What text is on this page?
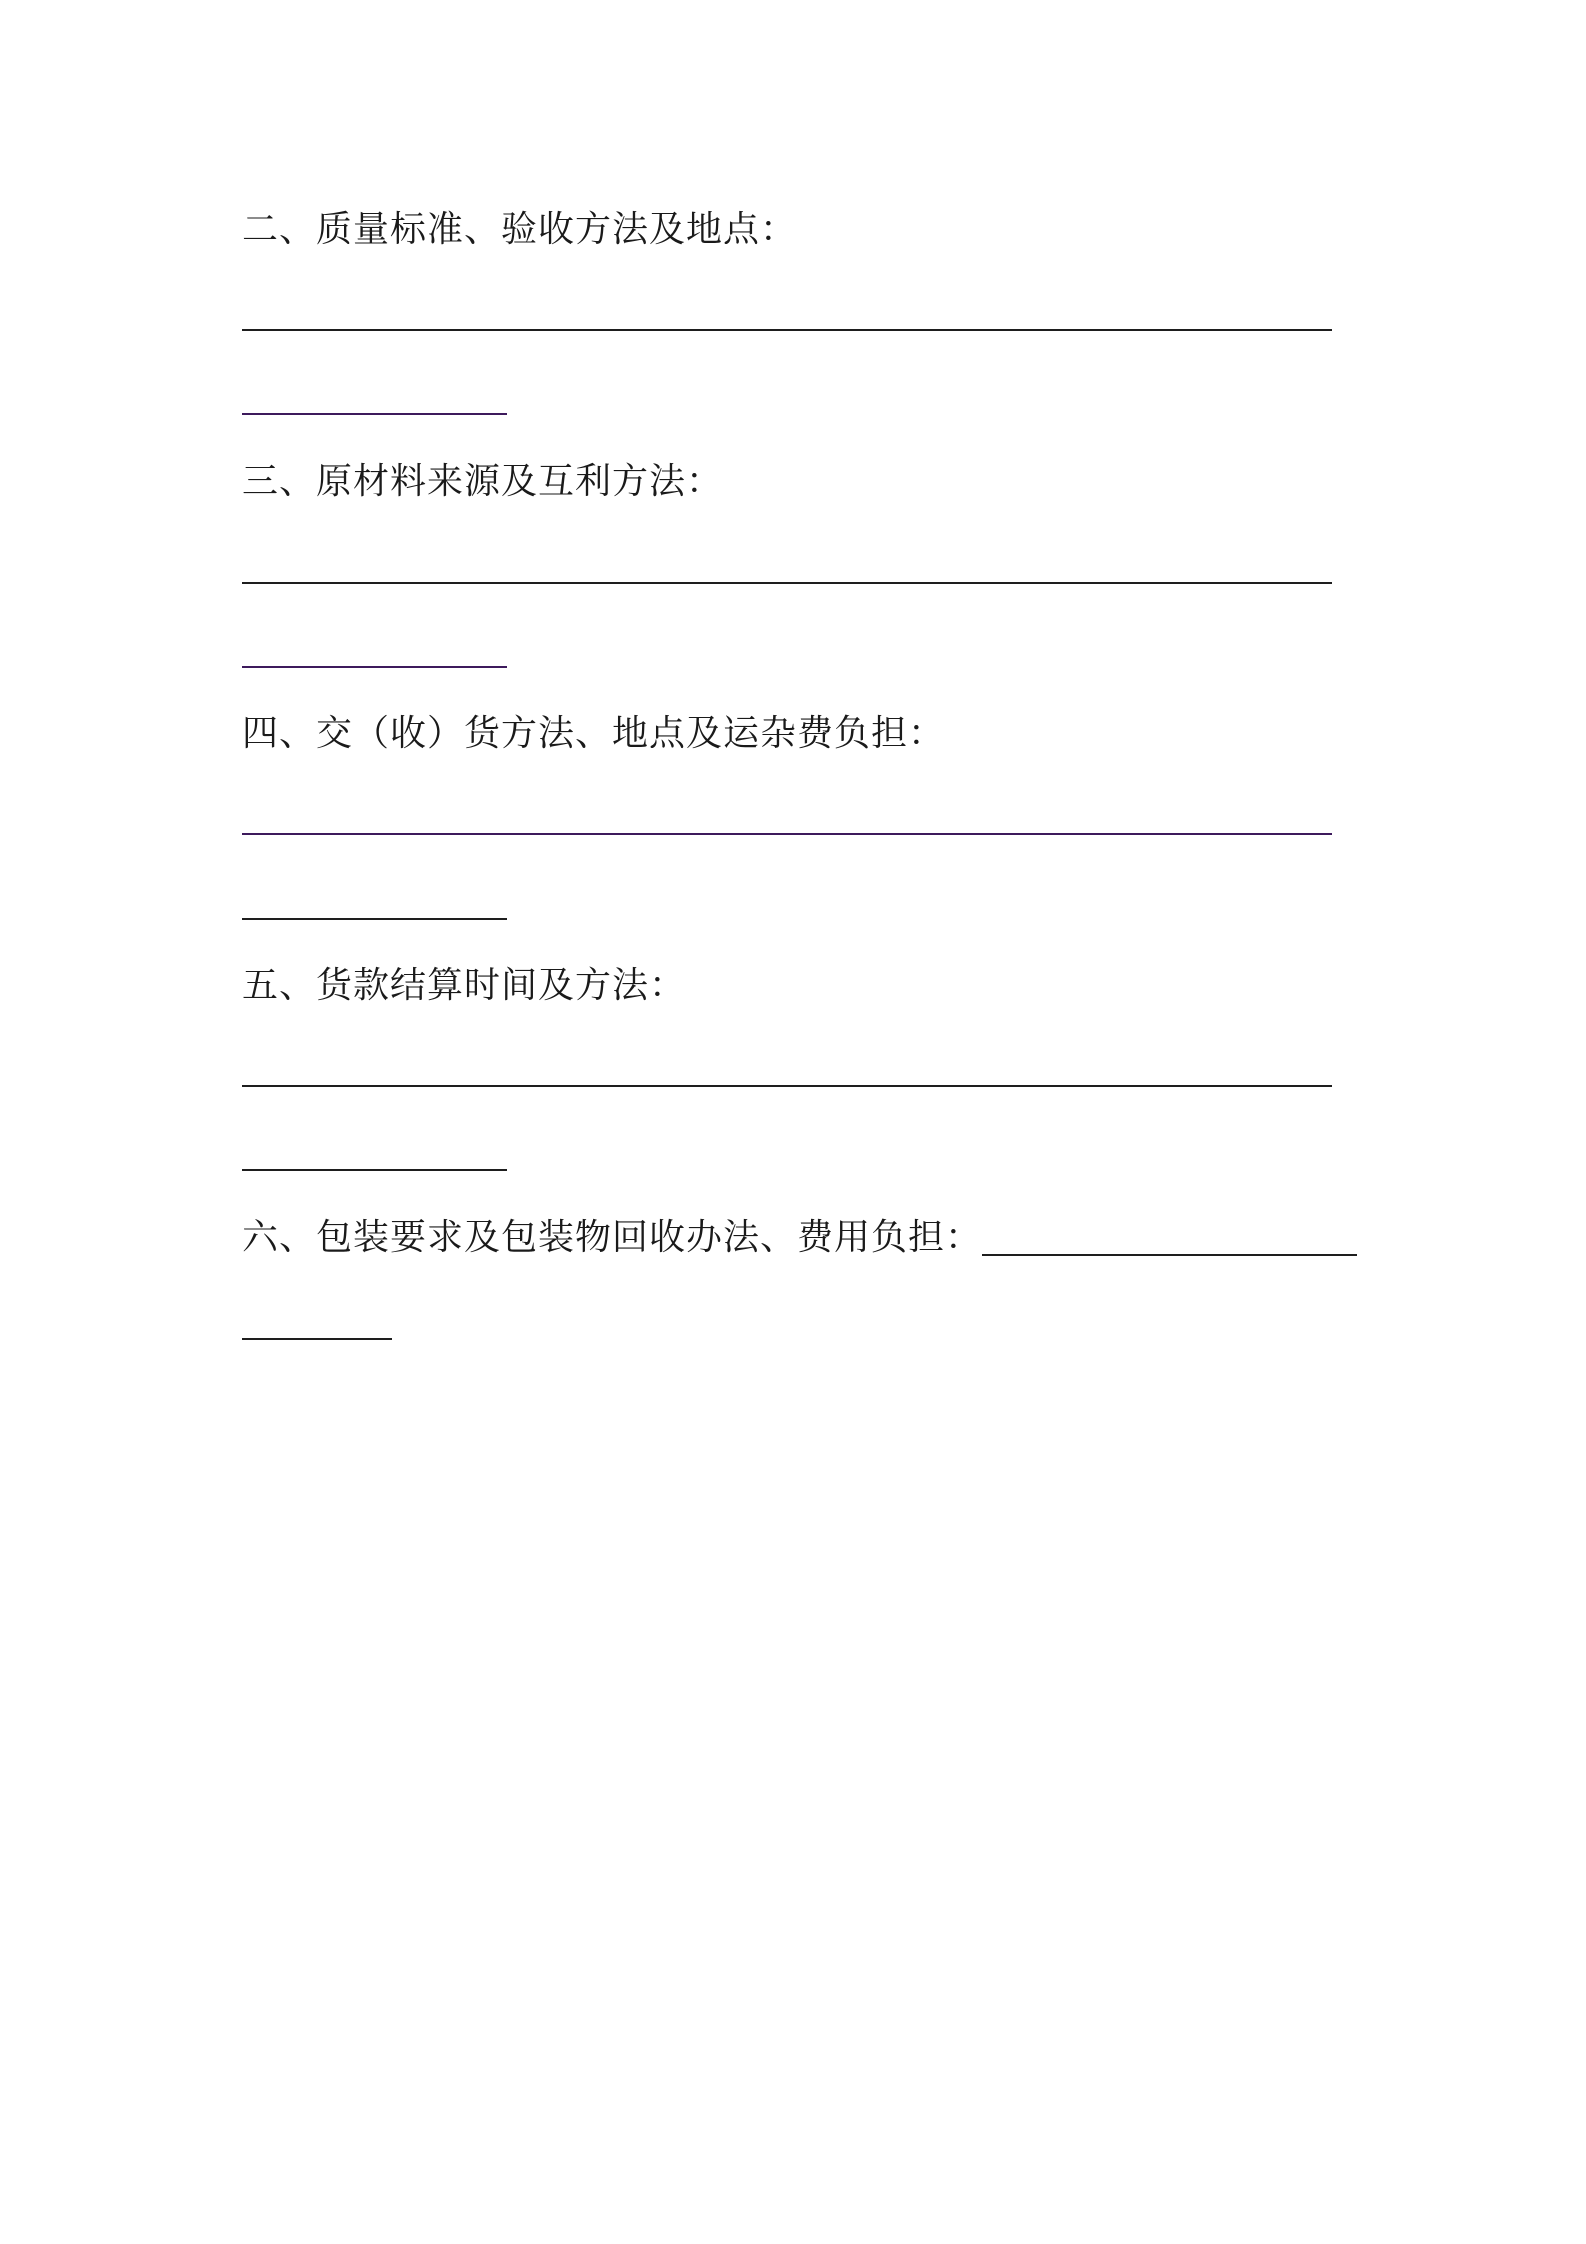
二、质量标准、验收方法及地点：

三、原材料来源及互利方法：

四、交（收）货方法、地点及运杂费负担：

五、货款结算时间及方法：

六、包装要求及包装物回收办法、费用负担：
